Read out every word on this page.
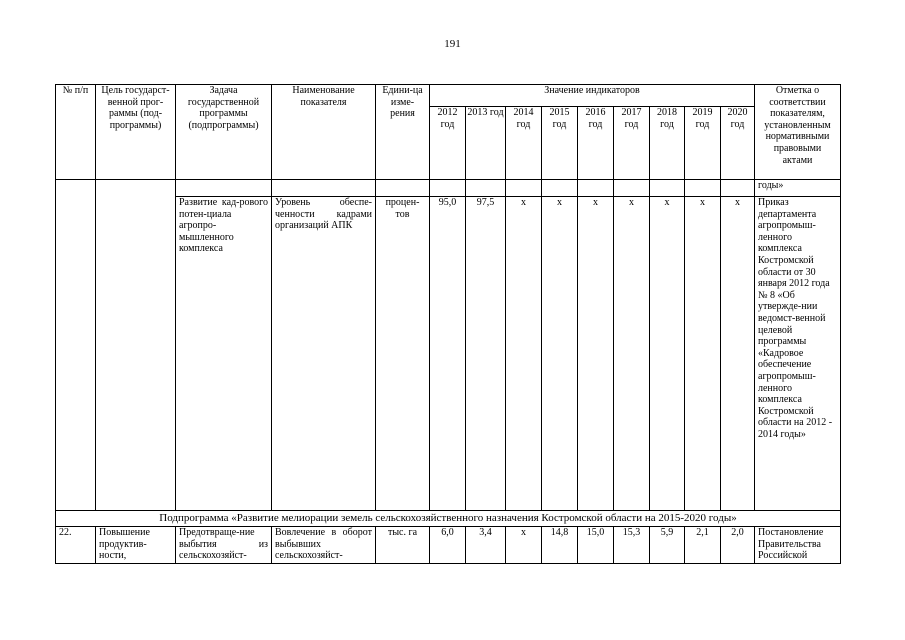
191
№ п/п	Цель государст-венной прог-раммы (под-программы)	Задача государственной программы (подпрограммы)	Наименование показателя	Едини-ца изме-рения	Значение индикаторов									Отметка о соответствии показателям, установленным нормативными правовыми актами
					2012 год	2013 год	2014 год	2015 год	2016 год	2017 год	2018 год	2019 год	2020 год	
														годы»
		Развитие кад-рового потен-циала агропро-мышленного комплекса	Уровень обеспе-ченности кадрами организаций АПК	процен-тов	95,0	97,5	x	x	x	x	x	x	x	Приказ департамента агропромыш-ленного комплекса Костромской области от 30 января 2012 года № 8 «Об утвержде-нии ведомст-венной целевой программы «Кадровое обеспечение агропромыш-ленного комплекса Костромской области на 2012 - 2014 годы»
Подпрограмма «Развитие мелиорации земель сельскохозяйственного назначения Костромской области на 2015-2020 годы»														
22.	Повышение продуктив-ности,	Предотвраще-ние выбытия из сельскохозяйст-	Вовлечение в оборот выбывших сельскохозяйст-	тыс. га	6,0	3,4	x	14,8	15,0	15,3	5,9	2,1	2,0	Постановление Правительства Российской
